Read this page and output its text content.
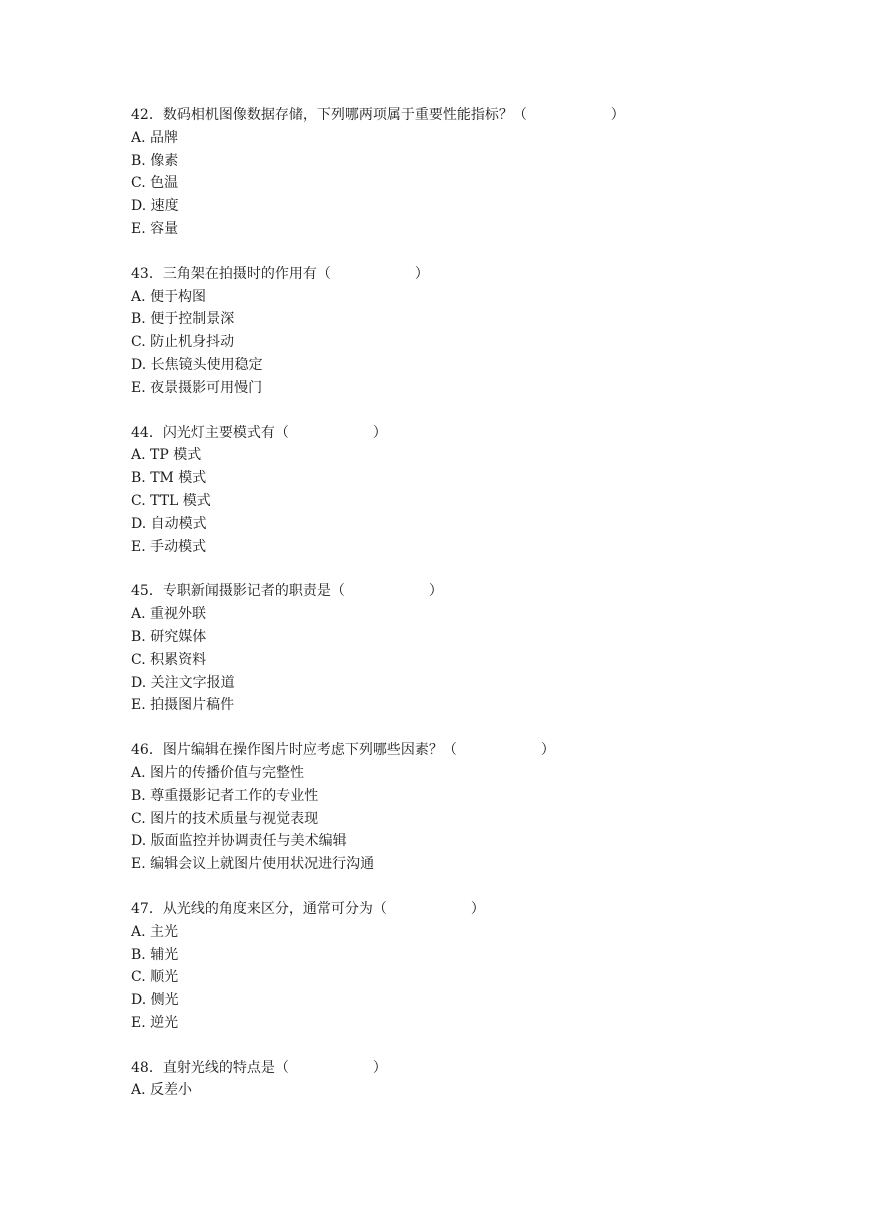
42．数码相机图像数据存储，下列哪两项属于重要性能指标？（　　　　　　）
A. 品牌
B. 像素
C. 色温
D. 速度
E. 容量
43．三角架在拍摄时的作用有（　　　　　　）
A. 便于构图
B. 便于控制景深
C. 防止机身抖动
D. 长焦镜头使用稳定
E. 夜景摄影可用慢门
44．闪光灯主要模式有（　　　　　　）
A. TP 模式
B. TM 模式
C. TTL 模式
D. 自动模式
E. 手动模式
45．专职新闻摄影记者的职责是（　　　　　　）
A. 重视外联
B. 研究媒体
C. 积累资料
D. 关注文字报道
E. 拍摄图片稿件
46．图片编辑在操作图片时应考虑下列哪些因素？（　　　　　　）
A. 图片的传播价值与完整性
B. 尊重摄影记者工作的专业性
C. 图片的技术质量与视觉表现
D. 版面监控并协调责任与美术编辑
E. 编辑会议上就图片使用状况进行沟通
47．从光线的角度来区分，通常可分为（　　　　　　）
A. 主光
B. 辅光
C. 顺光
D. 侧光
E. 逆光
48．直射光线的特点是（　　　　　　）
A. 反差小
